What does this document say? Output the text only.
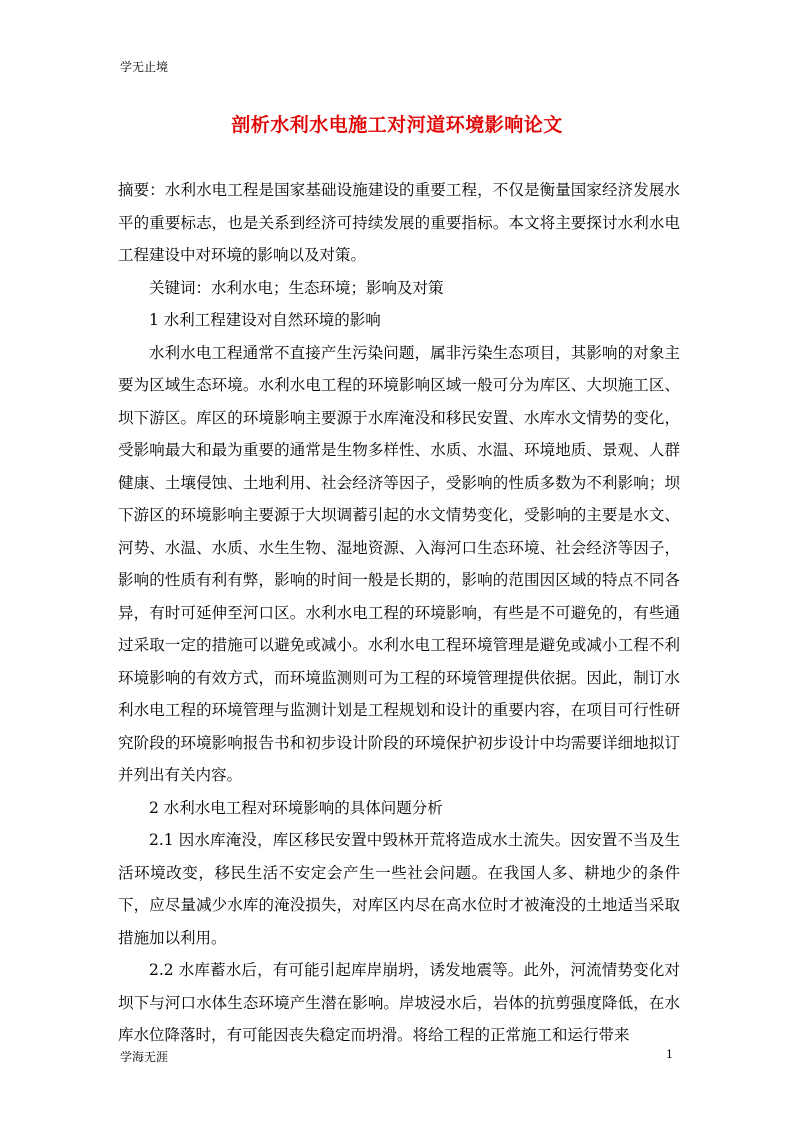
学无止境
剖析水利水电施工对河道环境影响论文

摘要：水利水电工程是国家基础设施建设的重要工程，不仅是衡量国家经济发展水平的重要标志，也是关系到经济可持续发展的重要指标。本文将主要探讨水利水电工程建设中对环境的影响以及对策。

关键词：水利水电；生态环境；影响及对策

1 水利工程建设对自然环境的影响

水利水电工程通常不直接产生污染问题，属非污染生态项目，其影响的对象主要为区域生态环境。水利水电工程的环境影响区域一般可分为库区、大坝施工区、坝下游区。库区的环境影响主要源于水库淹没和移民安置、水库水文情势的变化，受影响最大和最为重要的通常是生物多样性、水质、水温、环境地质、景观、人群健康、土壤侵蚀、土地利用、社会经济等因子，受影响的性质多数为不利影响；坝下游区的环境影响主要源于大坝调蓄引起的水文情势变化，受影响的主要是水文、河势、水温、水质、水生生物、湿地资源、入海河口生态环境、社会经济等因子，影响的性质有利有弊，影响的时间一般是长期的，影响的范围因区域的特点不同各异，有时可延伸至河口区。水利水电工程的环境影响，有些是不可避免的，有些通过采取一定的措施可以避免或减小。水利水电工程环境管理是避免或减小工程不利环境影响的有效方式，而环境监测则可为工程的环境管理提供依据。因此，制订水利水电工程的环境管理与监测计划是工程规划和设计的重要内容，在项目可行性研究阶段的环境影响报告书和初步设计阶段的环境保护初步设计中均需要详细地拟订并列出有关内容。

2 水利水电工程对环境影响的具体问题分析

2.1 因水库淹没，库区移民安置中毁林开荒将造成水土流失。因安置不当及生活环境改变，移民生活不安定会产生一些社会问题。在我国人多、耕地少的条件下，应尽量减少水库的淹没损失，对库区内尽在高水位时才被淹没的土地适当采取措施加以利用。

2.2 水库蓄水后，有可能引起库岸崩坍，诱发地震等。此外，河流情势变化对坝下与河口水体生态环境产生潜在影响。岸坡浸水后，岩体的抗剪强度降低，在水库水位降落时，有可能因丧失稳定而坍滑。将给工程的正常施工和运行带来

学海无涯	1
